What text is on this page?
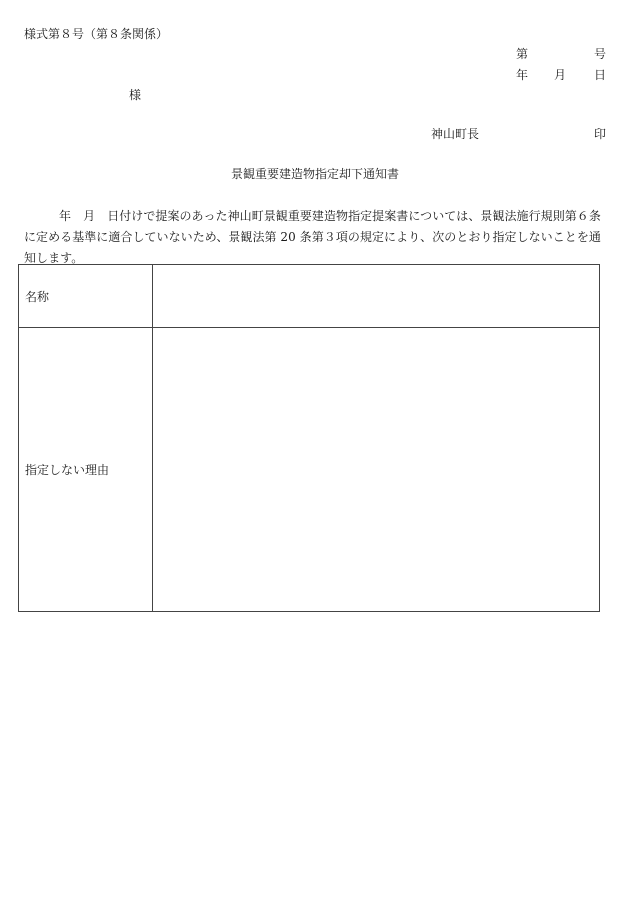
様式第８号（第８条関係）
第	号
年 月 日
様
神山町長	印
景観重要建造物指定却下通知書
年　月　日付けで提案のあった神山町景観重要建造物指定提案書については、景観法施行規則第６条に定める基準に適合していないため、景観法第 20 条第３項の規定により、次のとおり指定しないことを通知します。
名称	
指定しない理由	
